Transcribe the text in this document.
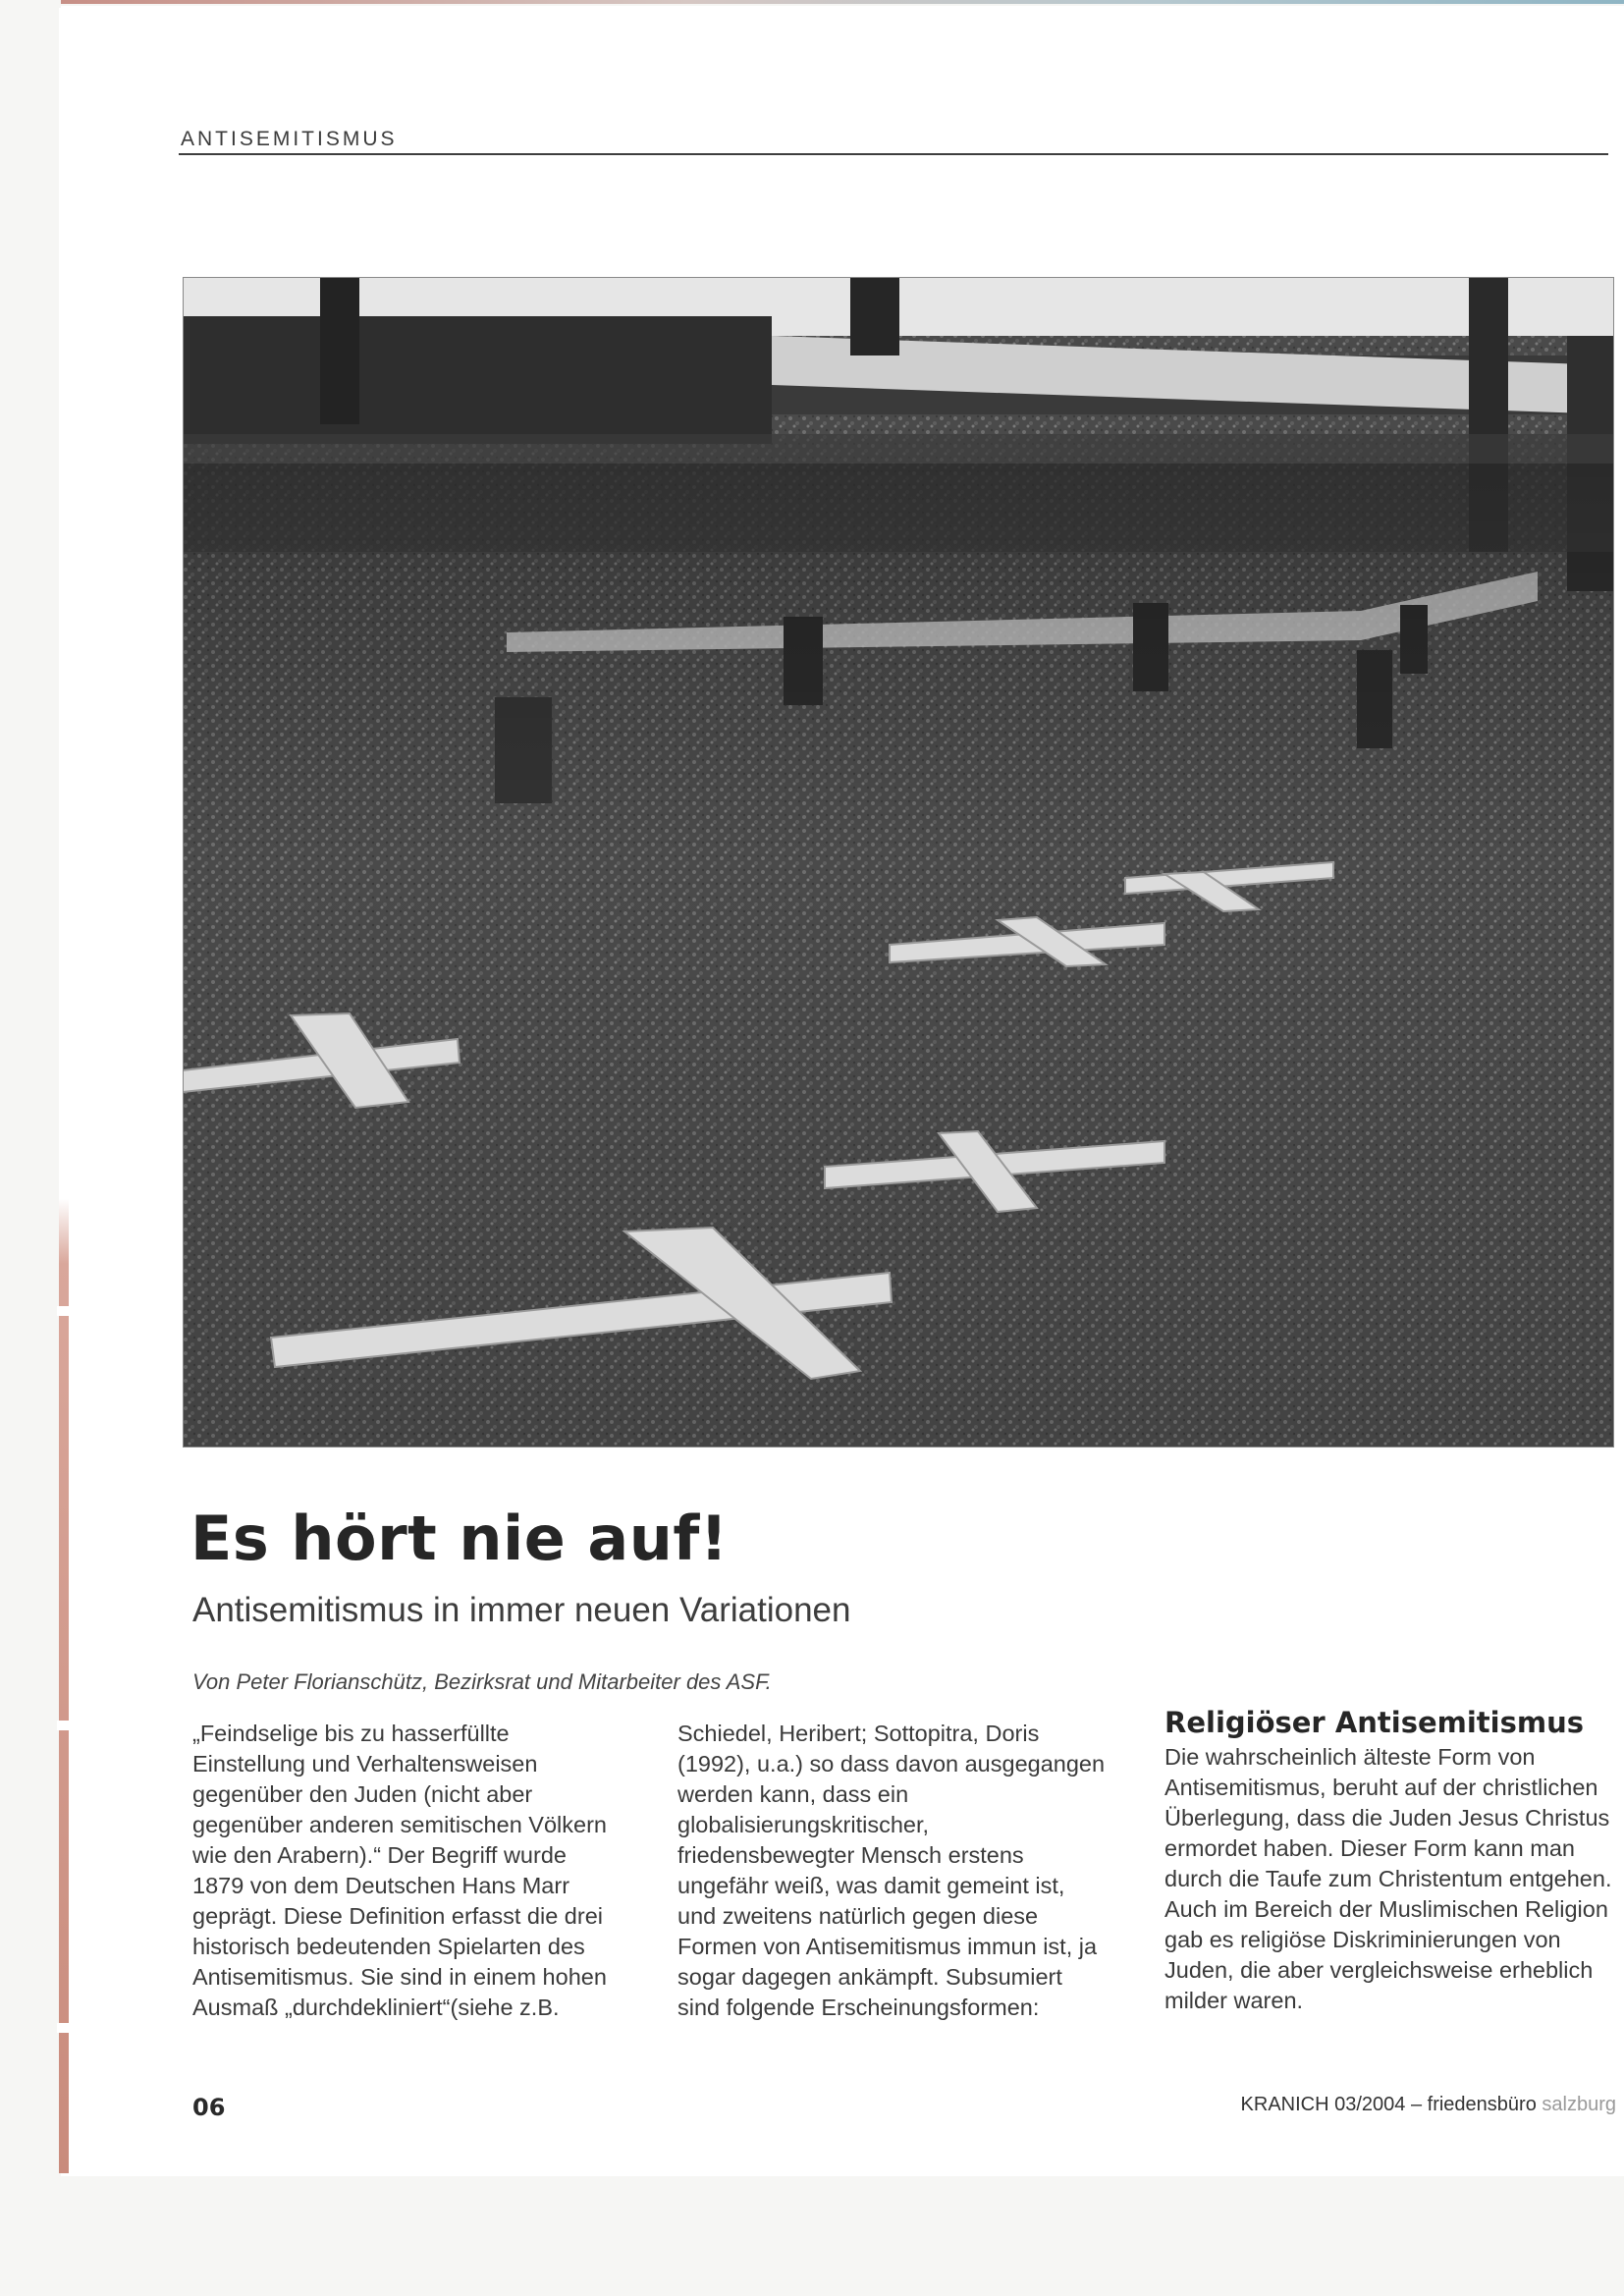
ANTISEMITISMUS
Es hört nie auf!
Antisemitismus in immer neuen Variationen
Von Peter Florianschütz, Bezirksrat und Mitarbeiter des ASF.

„Feindselige bis zu hasserfüllte Einstellung und Verhaltensweisen gegenüber den Juden (nicht aber gegenüber anderen semitischen Völkern wie den Arabern).“ Der Begriff wurde 1879 von dem Deutschen Hans Marr geprägt. Diese Definition erfasst die drei historisch bedeutenden Spielarten des Antisemitismus. Sie sind in einem hohen Ausmaß „durchdekliniert“(siehe z.B.

Schiedel, Heribert; Sottopitra, Doris (1992), u.a.) so dass davon ausgegangen werden kann, dass ein globalisierungskritischer, friedensbewegter Mensch erstens ungefähr weiß, was damit gemeint ist, und zweitens natürlich gegen diese Formen von Antisemitismus immun ist, ja sogar dagegen ankämpft. Subsumiert sind folgende Erscheinungsformen:

Religiöser Antisemitismus

Die wahrscheinlich älteste Form von Antisemitismus, beruht auf der christlichen Überlegung, dass die Juden Jesus Christus ermordet haben. Dieser Form kann man durch die Taufe zum Christentum entgehen. Auch im Bereich der Muslimischen Religion gab es religiöse Diskriminierungen von Juden, die aber vergleichsweise erheblich milder waren.

06	KRANICH 03/2004 – friedensbüro salzburg
